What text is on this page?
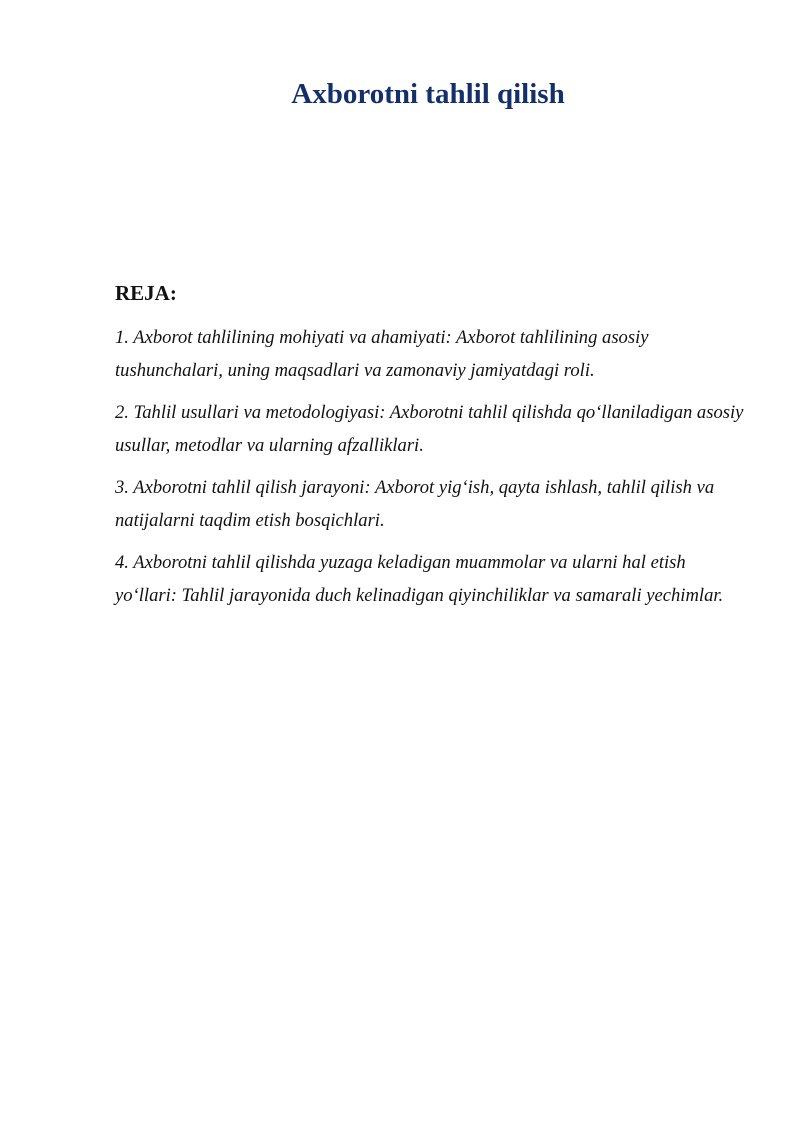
Axborotni tahlil qilish
REJA:
1. Axborot tahlilining mohiyati va ahamiyati: Axborot tahlilining asosiy tushunchalari, uning maqsadlari va zamonaviy jamiyatdagi roli.
2. Tahlil usullari va metodologiyasi: Axborotni tahlil qilishda qo‘llaniladigan asosiy usullar, metodlar va ularning afzalliklari.
3. Axborotni tahlil qilish jarayoni: Axborot yig‘ish, qayta ishlash, tahlil qilish va natijalarni taqdim etish bosqichlari.
4. Axborotni tahlil qilishda yuzaga keladigan muammolar va ularni hal etish yo‘llari: Tahlil jarayonida duch kelinadigan qiyinchiliklar va samarali yechimlar.
